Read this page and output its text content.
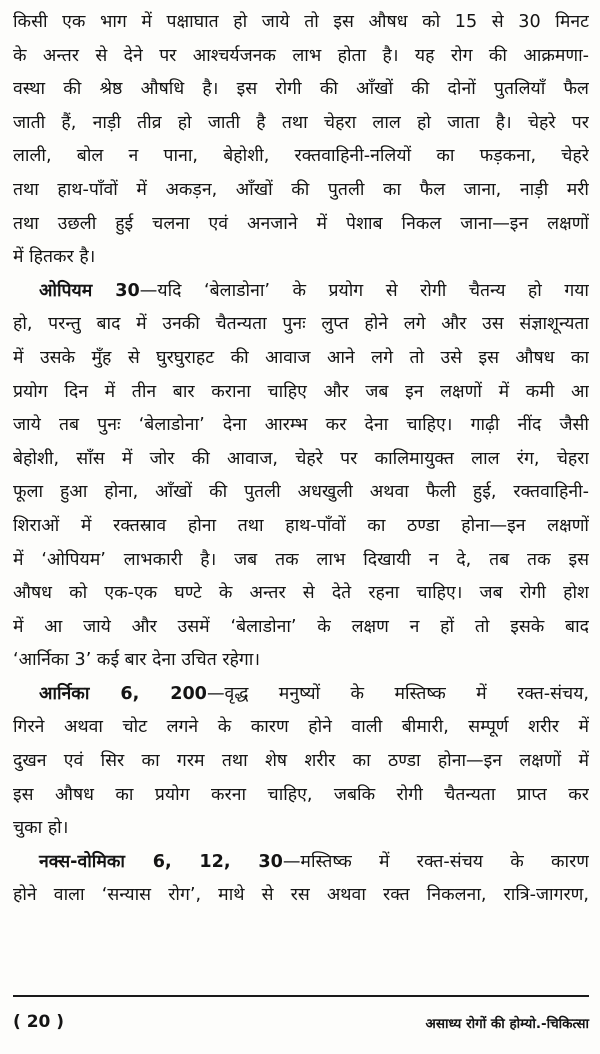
किसी एक भाग में पक्षाघात हो जाये तो इस औषध को 15 से 30 मिनट
के अन्तर से देने पर आश्चर्यजनक लाभ होता है। यह रोग की आक्रमणा-
वस्था की श्रेष्ठ औषधि है। इस रोगी की आँखों की दोनों पुतलियाँ फैल
जाती हैं, नाड़ी तीव्र हो जाती है तथा चेहरा लाल हो जाता है। चेहरे पर
लाली, बोल न पाना, बेहोशी, रक्तवाहिनी-नलियों का फड़कना, चेहरे
तथा हाथ-पाँवों में अकड़न, आँखों की पुतली का फैल जाना, नाड़ी मरी
तथा उछली हुई चलना एवं अनजाने में पेशाब निकल जाना—इन लक्षणों
में हितकर है।
ओपियम 30—यदि ‘बेलाडोना’ के प्रयोग से रोगी चैतन्य हो गया
हो, परन्तु बाद में उनकी चैतन्यता पुनः लुप्त होने लगे और उस संज्ञाशून्यता
में उसके मुँह से घुरघुराहट की आवाज आने लगे तो उसे इस औषध का
प्रयोग दिन में तीन बार कराना चाहिए और जब इन लक्षणों में कमी आ
जाये तब पुनः ‘बेलाडोना’ देना आरम्भ कर देना चाहिए। गाढ़ी नींद जैसी
बेहोशी, साँस में जोर की आवाज, चेहरे पर कालिमायुक्त लाल रंग, चेहरा
फूला हुआ होना, आँखों की पुतली अधखुली अथवा फैली हुई, रक्तवाहिनी-
शिराओं में रक्तस्राव होना तथा हाथ-पाँवों का ठण्डा होना—इन लक्षणों
में ‘ओपियम’ लाभकारी है। जब तक लाभ दिखायी न दे, तब तक इस
औषध को एक-एक घण्टे के अन्तर से देते रहना चाहिए। जब रोगी होश
में आ जाये और उसमें ‘बेलाडोना’ के लक्षण न हों तो इसके बाद
‘आर्निका 3’ कई बार देना उचित रहेगा।
आर्निका 6, 200—वृद्ध मनुष्यों के मस्तिष्क में रक्त-संचय,
गिरने अथवा चोट लगने के कारण होने वाली बीमारी, सम्पूर्ण शरीर में
दुखन एवं सिर का गरम तथा शेष शरीर का ठण्डा होना—इन लक्षणों में
इस औषध का प्रयोग करना चाहिए, जबकि रोगी चैतन्यता प्राप्त कर
चुका हो।
नक्स-वोमिका 6, 12, 30—मस्तिष्क में रक्त-संचय के कारण
होने वाला ‘सन्यास रोग’, माथे से रस अथवा रक्त निकलना, रात्रि-जागरण,
( 20 )	असाध्य रोगों की होम्यो.-चिकित्सा
